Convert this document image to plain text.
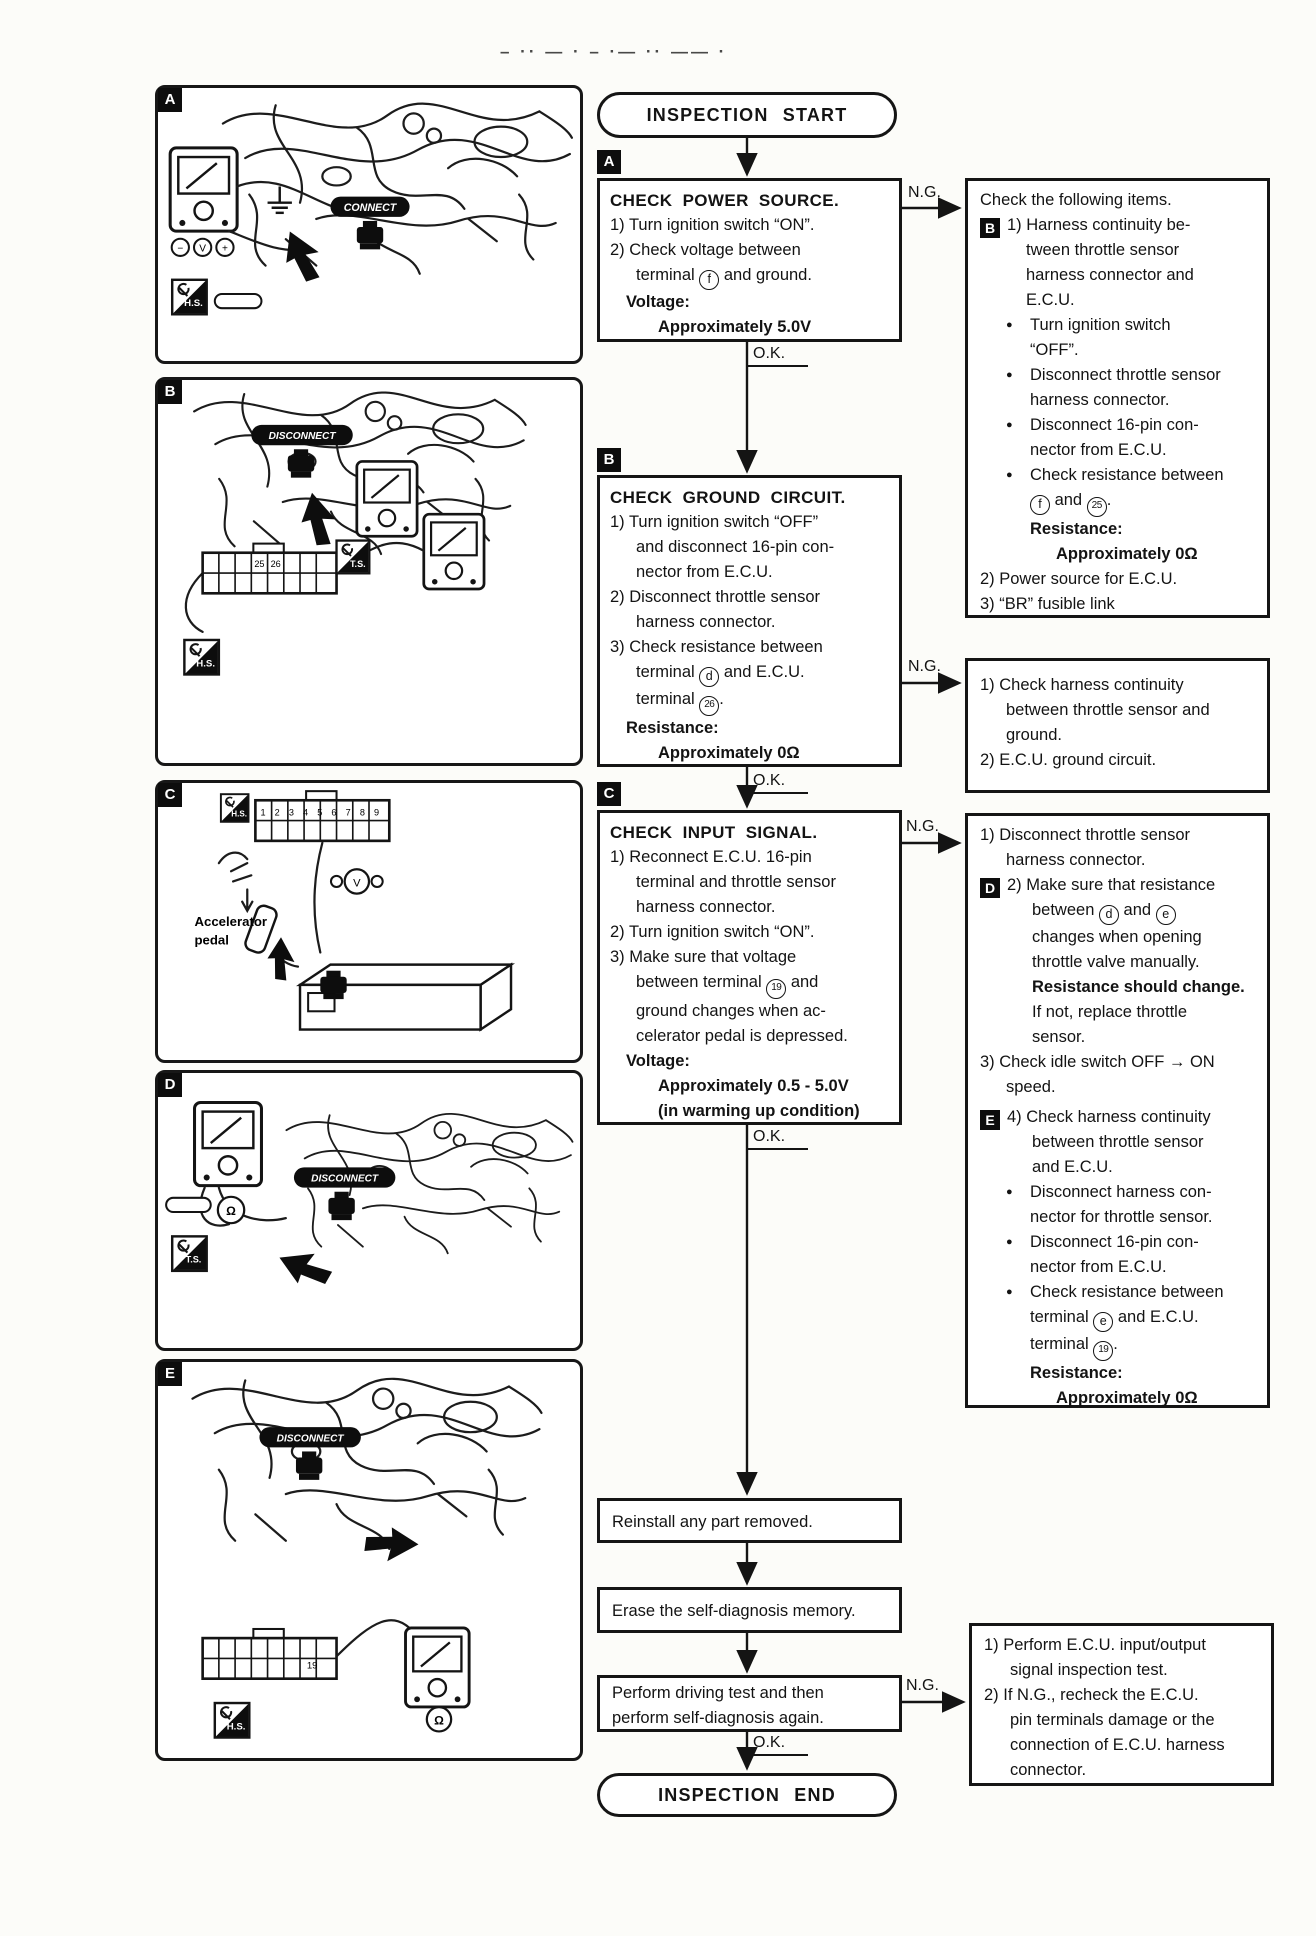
– ·· — · – ·— ·· —— ·
− V +
CONNECT
H.S.
DISCONNECT
25 26	T.S.
H.S.
H.S. 123456789
Accelerator
pedal
V
Ω
T.S.
DISCONNECT
DISCONNECT
19
Ω
H.S.
A
B
C
D
E
INSPECTION START
A
CHECK POWER SOURCE.
1) Turn ignition switch “ON”.
2) Check voltage between
terminal f and ground.
Voltage:
Approximately 5.0V
B
CHECK GROUND CIRCUIT.
1) Turn ignition switch “OFF”
and disconnect 16-pin con-
nector from E.C.U.
2) Disconnect throttle sensor
harness connector.
3) Check resistance between
terminal d and E.C.U.
terminal 26 .
Resistance:
Approximately 0Ω
C
CHECK INPUT SIGNAL.
1) Reconnect E.C.U. 16-pin
terminal and throttle sensor
harness connector.
2) Turn ignition switch “ON”.
3) Make sure that voltage
between terminal 19 and
ground changes when ac-
celerator pedal is depressed.
Voltage:
Approximately 0.5 - 5.0V
(in warming up condition)
Reinstall any part removed.
Erase the self-diagnosis memory.
Perform driving test and then
perform self-diagnosis again.
INSPECTION END
O.K.
O.K.
O.K.
O.K.
N.G.
N.G.
N.G.
N.G.
Check the following items.
B 1) Harness continuity be-
tween throttle sensor
harness connector and
E.C.U.
● Turn ignition switch
“OFF”.
● Disconnect throttle sensor
harness connector.
● Disconnect 16-pin con-
nector from E.C.U.
● Check resistance between
f and 25 .
Resistance:
Approximately 0Ω
2) Power source for E.C.U.
3) “BR” fusible link
1) Check harness continuity
between throttle sensor and
ground.
2) E.C.U. ground circuit.
1) Disconnect throttle sensor
harness connector.
D 2) Make sure that resistance
between d and e
changes when opening
throttle valve manually.
Resistance should change.
If not, replace throttle
sensor.
3) Check idle switch OFF → ON
speed.
E 4) Check harness continuity
between throttle sensor
and E.C.U.
● Disconnect harness con-
nector for throttle sensor.
● Disconnect 16-pin con-
nector from E.C.U.
● Check resistance between
terminal e and E.C.U.
terminal 19 .
Resistance:
Approximately 0Ω
1) Perform E.C.U. input/output
signal inspection test.
2) If N.G., recheck the E.C.U.
pin terminals damage or the
connection of E.C.U. harness
connector.
